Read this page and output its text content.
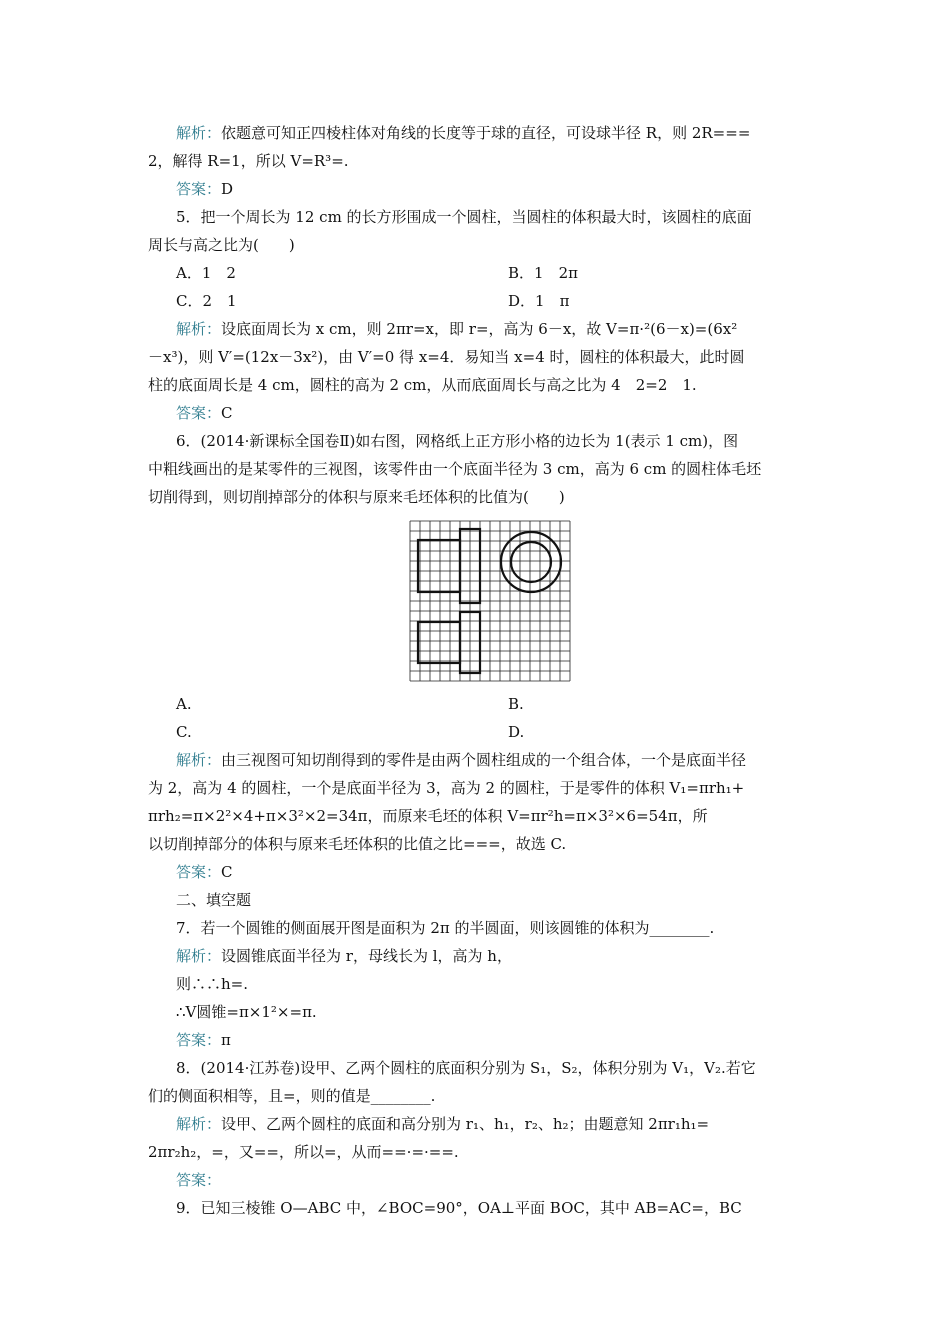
解析：依题意可知正四棱柱体对角线的长度等于球的直径，可设球半径 R，则 2R===
2，解得 R=1，所以 V=R³=.
答案：D
5．把一个周长为 12 cm 的长方形围成一个圆柱，当圆柱的体积最大时，该圆柱的底面
周长与高之比为(　　)
A．1　2	B．1　2π
C．2　1	D．1　π
解析：设底面周长为 x cm，则 2πr=x，即 r=，高为 6－x，故 V=π·²(6－x)=(6x²
－x³)，则 V′=(12x－3x²)，由 V′=0 得 x=4．易知当 x=4 时，圆柱的体积最大，此时圆
柱的底面周长是 4 cm，圆柱的高为 2 cm，从而底面周长与高之比为 4　2=2　1.
答案：C
6．(2014·新课标全国卷Ⅱ)如右图，网格纸上正方形小格的边长为 1(表示 1 cm)，图
中粗线画出的是某零件的三视图，该零件由一个底面半径为 3 cm，高为 6 cm 的圆柱体毛坯
切削得到，则切削掉部分的体积与原来毛坯体积的比值为(　　)
A.	B.
C.	D.
解析：由三视图可知切削得到的零件是由两个圆柱组成的一个组合体，一个是底面半径
为 2，高为 4 的圆柱，一个是底面半径为 3，高为 2 的圆柱，于是零件的体积 V₁=πrh₁+
πrh₂=π×2²×4+π×3²×2=34π，而原来毛坯的体积 V=πr²h=π×3²×6=54π，所
以切削掉部分的体积与原来毛坯体积的比值之比===，故选 C.
答案：C
二、填空题
7．若一个圆锥的侧面展开图是面积为 2π 的半圆面，则该圆锥的体积为________.
解析：设圆锥底面半径为 r，母线长为 l，高为 h，
则∴∴h=.
∴V圆锥=π×1²×=π.
答案：π
8．(2014·江苏卷)设甲、乙两个圆柱的底面积分别为 S₁，S₂，体积分别为 V₁，V₂.若它
们的侧面积相等，且=，则的值是________.
解析：设甲、乙两个圆柱的底面和高分别为 r₁、h₁，r₂、h₂；由题意知 2πr₁h₁=
2πr₂h₂，=，又==，所以=，从而==·=·==.
答案：
9．已知三棱锥 O—ABC 中，∠BOC=90°，OA⊥平面 BOC，其中 AB=AC=，BC
